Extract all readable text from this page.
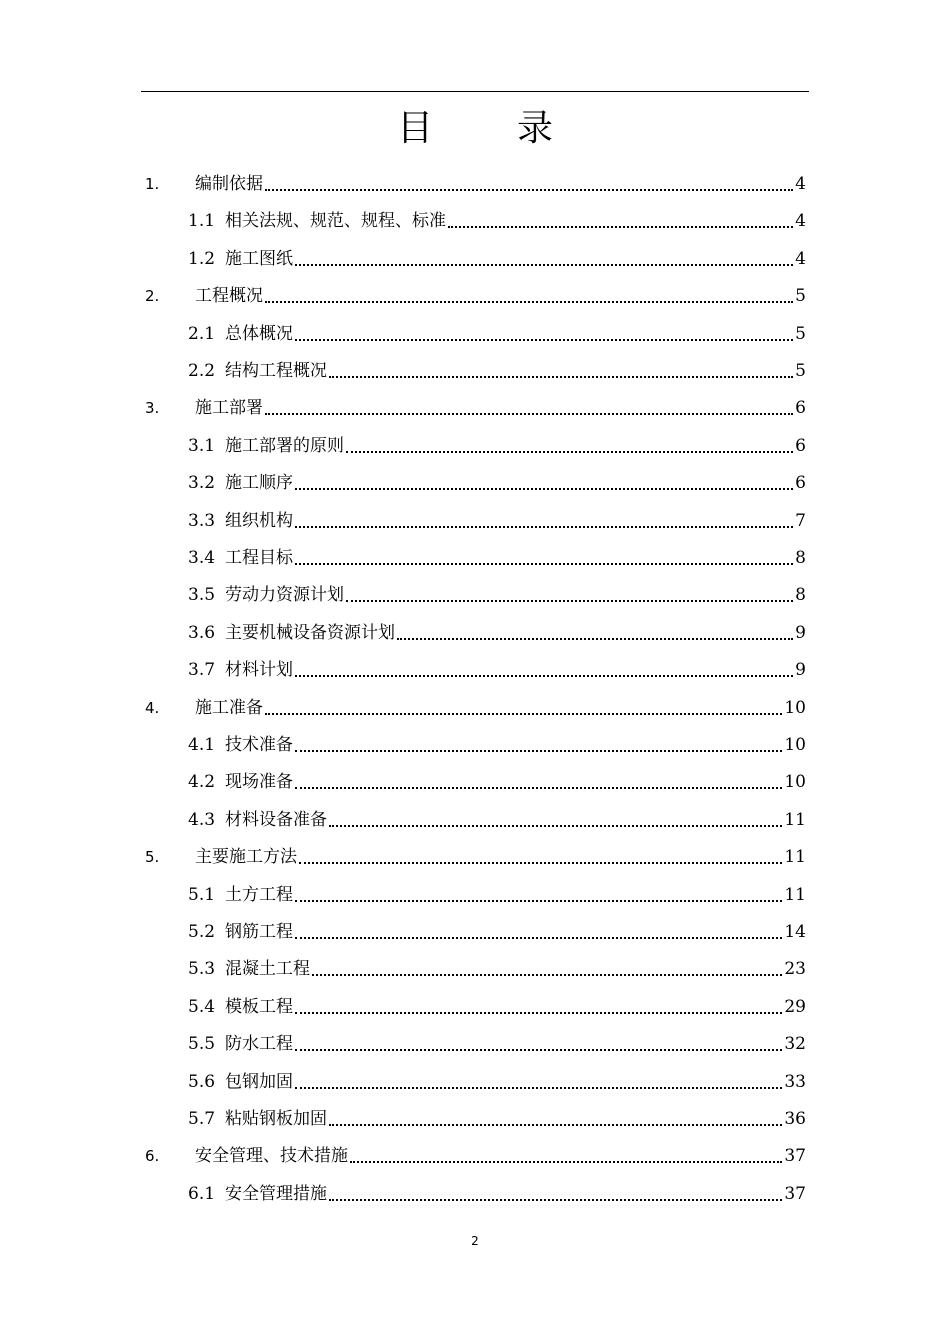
目 录
1.	编制依据	4
1.1 相关法规、规范、规程、标准	4
1.2 施工图纸	4
2.	工程概况	5
2.1 总体概况	5
2.2 结构工程概况	5
3.	施工部署	6
3.1 施工部署的原则	6
3.2 施工顺序	6
3.3 组织机构	7
3.4 工程目标	8
3.5 劳动力资源计划	8
3.6 主要机械设备资源计划	9
3.7 材料计划	9
4.	施工准备	10
4.1 技术准备	10
4.2 现场准备	10
4.3 材料设备准备	11
5.	主要施工方法	11
5.1 土方工程	11
5.2 钢筋工程	14
5.3 混凝土工程	23
5.4 模板工程	29
5.5 防水工程	32
5.6 包钢加固	33
5.7 粘贴钢板加固	36
6.	安全管理、技术措施	37
6.1 安全管理措施	37
2
